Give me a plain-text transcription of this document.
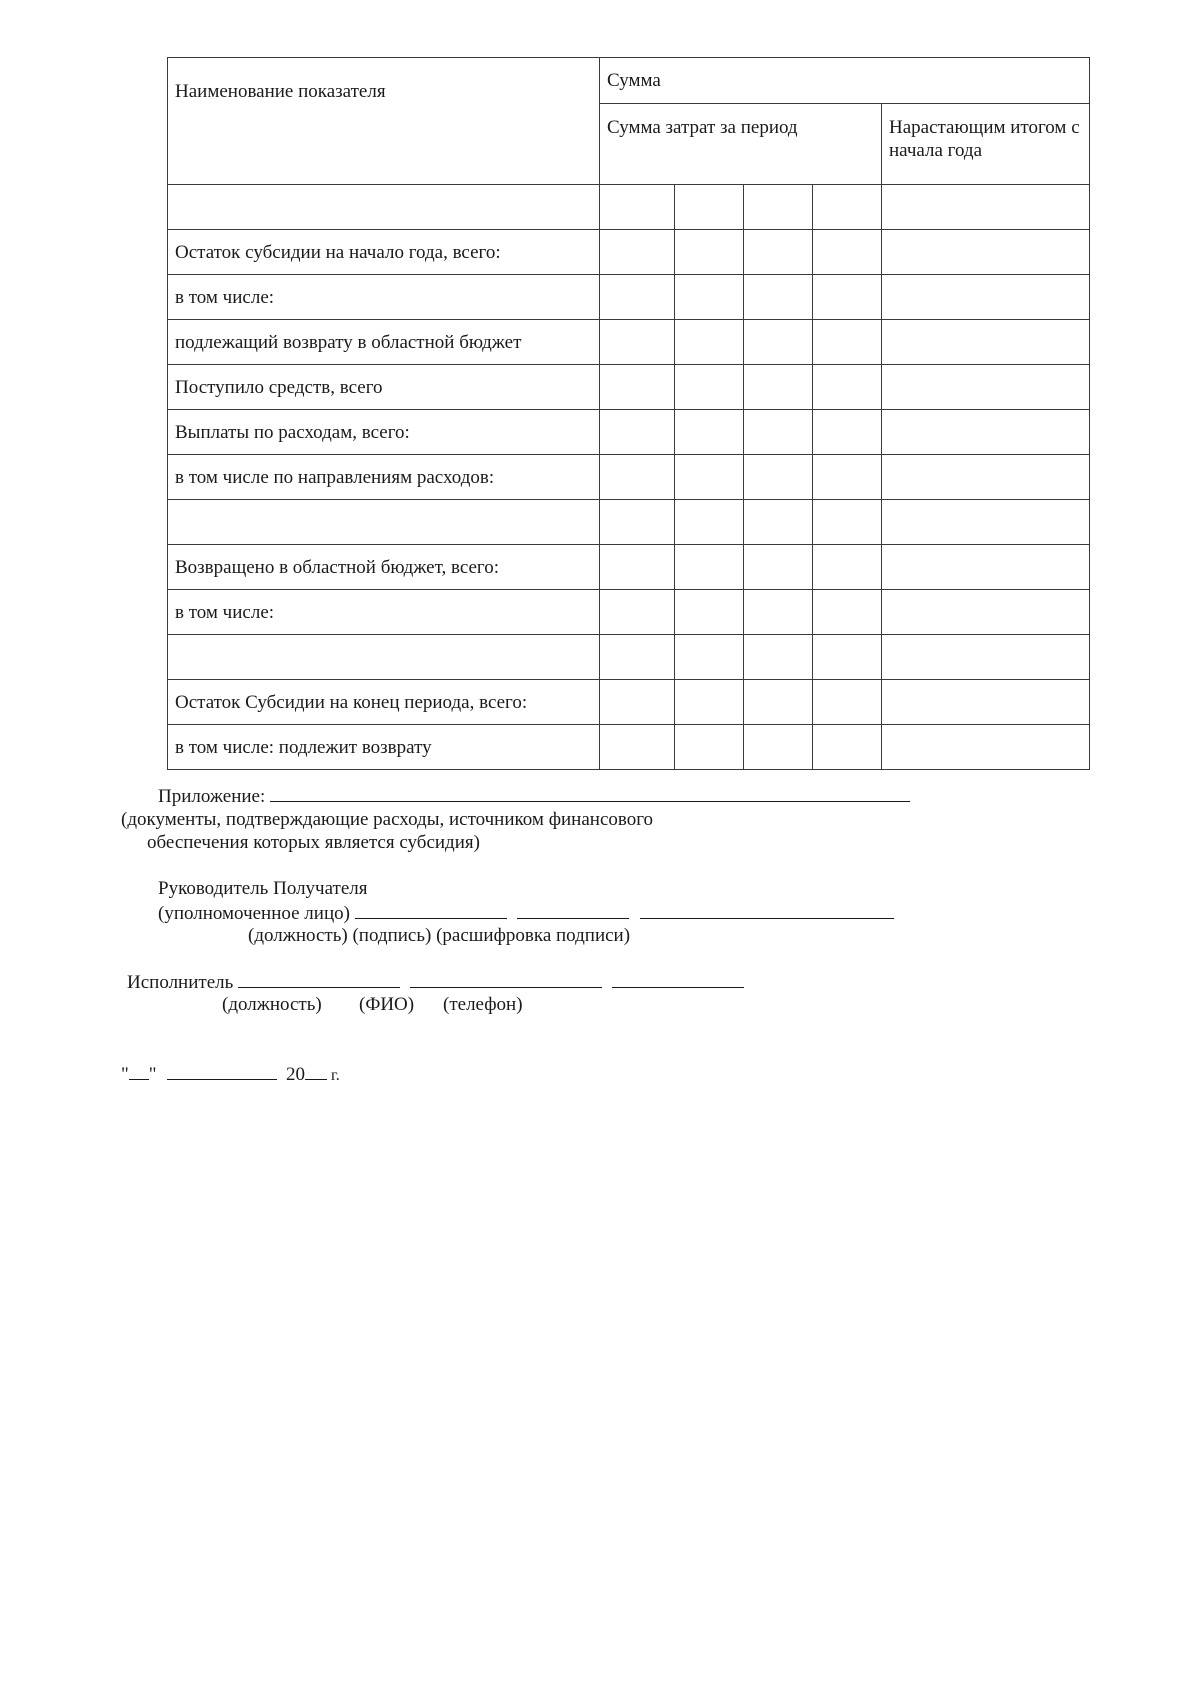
Наименование показателя	Сумма				
	Сумма затрат за период				Нарастающим итогом с начала года

Остаток субсидии на начало года, всего:					
в том числе:					
подлежащий возврату в областной бюджет					
Поступило средств, всего					
Выплаты по расходам, всего:					
в том числе по направлениям расходов:					

Возвращено в областной бюджет, всего:					
в том числе:					

Остаток Субсидии на конец периода, всего:					
в том числе: подлежит возврату					
Приложение:
(документы, подтверждающие расходы, источником финансового
обеспечения которых является субсидия)
Руководитель Получателя
(уполномоченное лицо)
(должность) (подпись) (расшифровка подписи)
Исполнитель
(должность) (ФИО) (телефон)
" "	20 г.
